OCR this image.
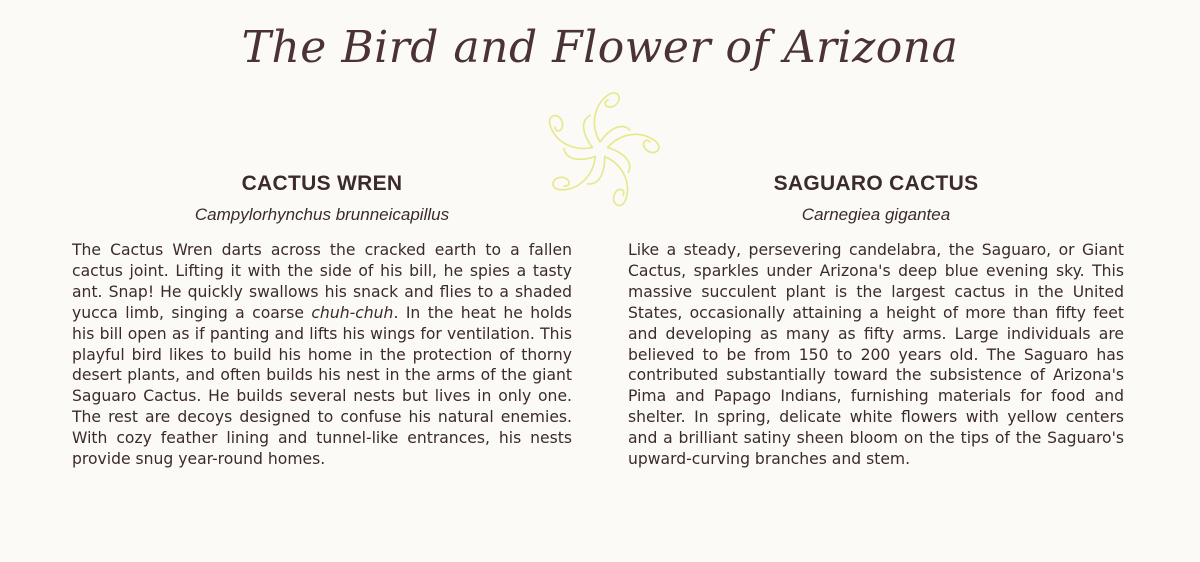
The Bird and Flower of Arizona
CACTUS WREN
Campylorhynchus brunneicapillus
The Cactus Wren darts across the cracked earth to a fallen cactus joint. Lifting it with the side of his bill, he spies a tasty ant. Snap! He quickly swallows his snack and flies to a shaded yucca limb, singing a coarse chuh-chuh. In the heat he holds his bill open as if panting and lifts his wings for ventilation. This playful bird likes to build his home in the protection of thorny desert plants, and often builds his nest in the arms of the giant Saguaro Cactus. He builds several nests but lives in only one. The rest are decoys designed to confuse his natural enemies. With cozy feather lining and tunnel-like entrances, his nests provide snug year-round homes.
SAGUARO CACTUS
Carnegiea gigantea
Like a steady, persevering candelabra, the Saguaro, or Giant Cactus, sparkles under Arizona's deep blue evening sky. This massive succulent plant is the largest cactus in the United States, occasionally attaining a height of more than fifty feet and developing as many as fifty arms. Large individuals are believed to be from 150 to 200 years old. The Saguaro has contributed substantially toward the subsistence of Arizona's Pima and Papago Indians, furnishing materials for food and shelter. In spring, delicate white flowers with yellow centers and a brilliant satiny sheen bloom on the tips of the Saguaro's upward-curving branches and stem.
